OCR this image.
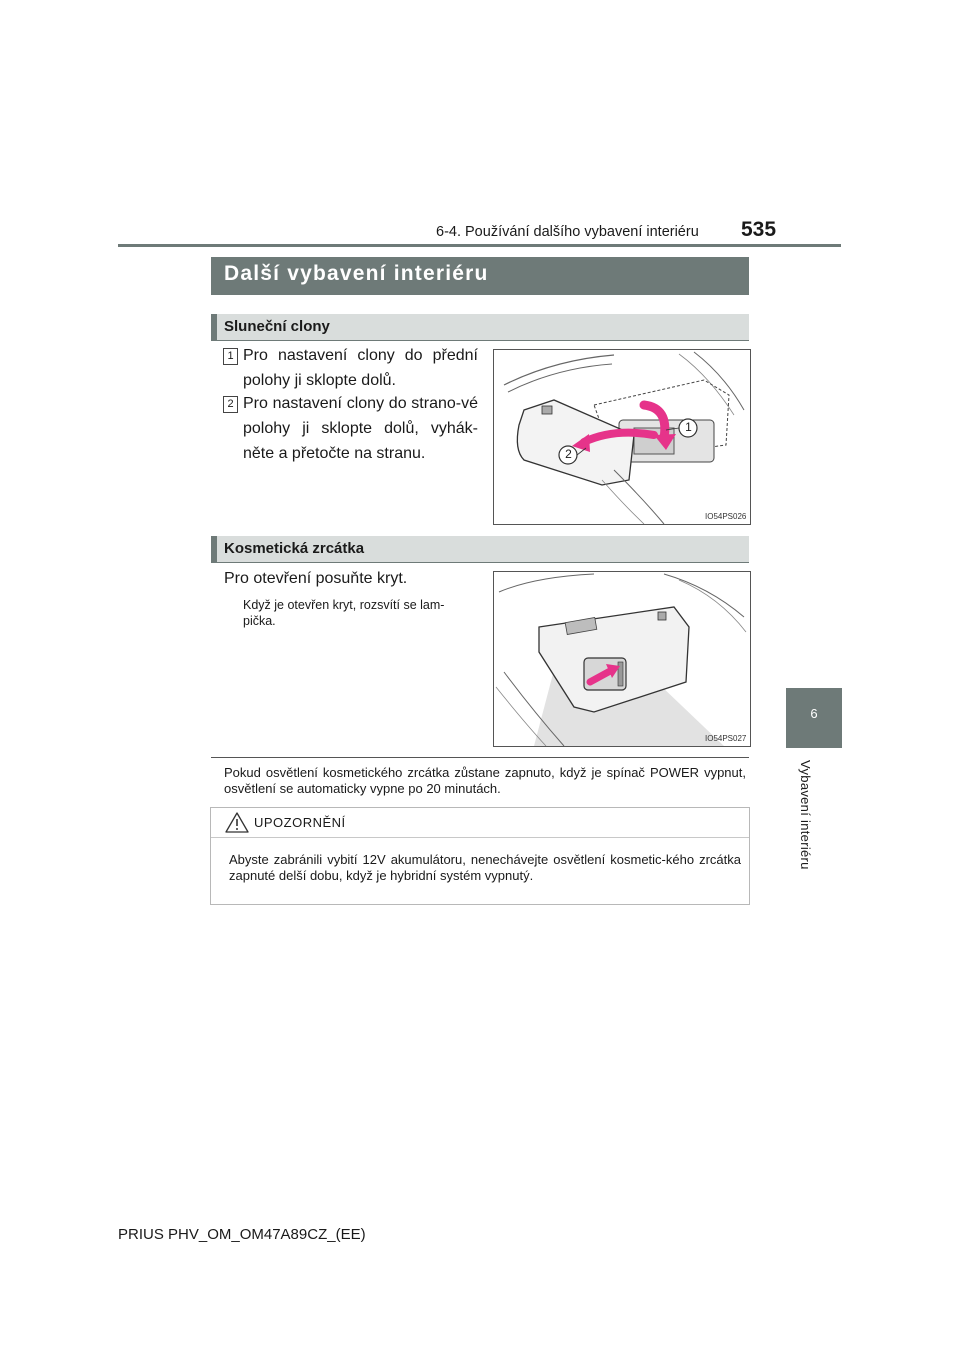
6-4. Používání dalšího vybavení interiéru 535
6
Vybavení interiéru
Další vybavení interiéru
Sluneční clony
1 Pro nastavení clony do přední polohy ji sklopte dolů.
2 Pro nastavení clony do strano-vé polohy ji sklopte dolů, vyhák-něte a přetočte na stranu.
1
2
IO54PS026
Kosmetická zrcátka
Pro otevření posuňte kryt.
Když je otevřen kryt, rozsvítí se lam-pička.
IO54PS027
Pokud osvětlení kosmetického zrcátka zůstane zapnuto, když je spínač POWER vypnut, osvětlení se automaticky vypne po 20 minutách.
UPOZORNĚNÍ
Abyste zabránili vybití 12V akumulátoru, nenechávejte osvětlení kosmetic-kého zrcátka zapnuté delší dobu, když je hybridní systém vypnutý.
PRIUS PHV_OM_OM47A89CZ_(EE)
